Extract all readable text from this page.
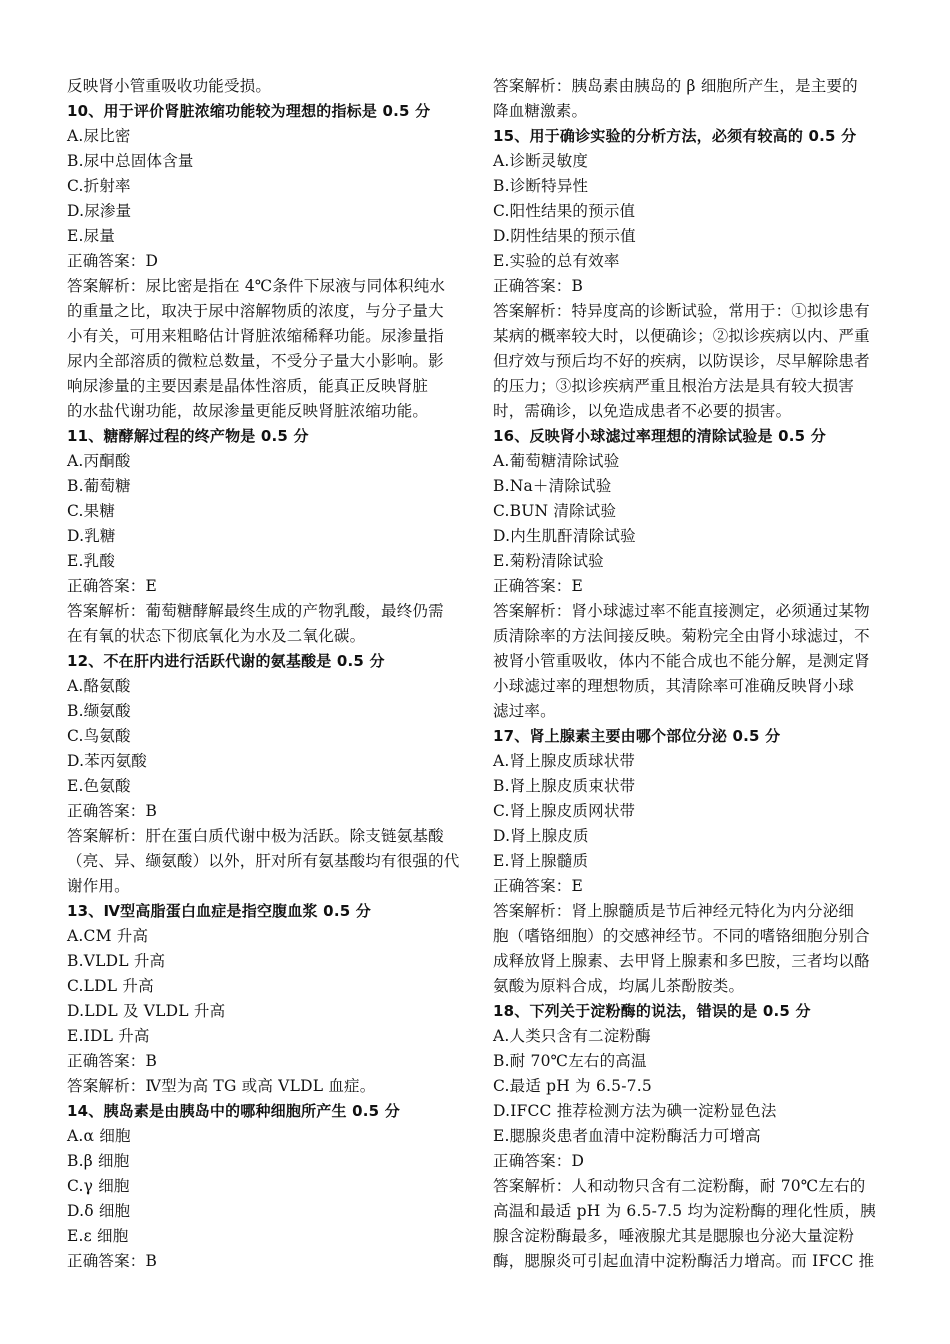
反映肾小管重吸收功能受损。
10、用于评价肾脏浓缩功能较为理想的指标是 0.5 分
A.尿比密
B.尿中总固体含量
C.折射率
D.尿渗量
E.尿量
正确答案：D
答案解析：尿比密是指在 4℃条件下尿液与同体积纯水
的重量之比，取决于尿中溶解物质的浓度，与分子量大
小有关，可用来粗略估计肾脏浓缩稀释功能。尿渗量指
尿内全部溶质的微粒总数量，不受分子量大小影响。影
响尿渗量的主要因素是晶体性溶质，能真正反映肾脏
的水盐代谢功能，故尿渗量更能反映肾脏浓缩功能。
11、糖酵解过程的终产物是 0.5 分
A.丙酮酸
B.葡萄糖
C.果糖
D.乳糖
E.乳酸
正确答案：E
答案解析：葡萄糖酵解最终生成的产物乳酸，最终仍需
在有氧的状态下彻底氧化为水及二氧化碳。
12、不在肝内进行活跃代谢的氨基酸是 0.5 分
A.酪氨酸
B.缬氨酸
C.鸟氨酸
D.苯丙氨酸
E.色氨酸
正确答案：B
答案解析：肝在蛋白质代谢中极为活跃。除支链氨基酸
（亮、异、缬氨酸）以外，肝对所有氨基酸均有很强的代
谢作用。
13、Ⅳ型高脂蛋白血症是指空腹血浆 0.5 分
A.CM 升高
B.VLDL 升高
C.LDL 升高
D.LDL 及 VLDL 升高
E.IDL 升高
正确答案：B
答案解析：Ⅳ型为高 TG 或高 VLDL 血症。
14、胰岛素是由胰岛中的哪种细胞所产生 0.5 分
A.α 细胞
B.β 细胞
C.γ 细胞
D.δ 细胞
E.ε 细胞
正确答案：B
答案解析：胰岛素由胰岛的 β 细胞所产生，是主要的
降血糖激素。
15、用于确诊实验的分析方法，必须有较高的 0.5 分
A.诊断灵敏度
B.诊断特异性
C.阳性结果的预示值
D.阴性结果的预示值
E.实验的总有效率
正确答案：B
答案解析：特异度高的诊断试验，常用于：①拟诊患有
某病的概率较大时，以便确诊；②拟诊疾病以内、严重
但疗效与预后均不好的疾病，以防误诊，尽早解除患者
的压力；③拟诊疾病严重且根治方法是具有较大损害
时，需确诊，以免造成患者不必要的损害。
16、反映肾小球滤过率理想的清除试验是 0.5 分
A.葡萄糖清除试验
B.Na＋清除试验
C.BUN 清除试验
D.内生肌酐清除试验
E.菊粉清除试验
正确答案：E
答案解析：肾小球滤过率不能直接测定，必须通过某物
质清除率的方法间接反映。菊粉完全由肾小球滤过，不
被肾小管重吸收，体内不能合成也不能分解，是测定肾
小球滤过率的理想物质，其清除率可准确反映肾小球
滤过率。
17、肾上腺素主要由哪个部位分泌 0.5 分
A.肾上腺皮质球状带
B.肾上腺皮质束状带
C.肾上腺皮质网状带
D.肾上腺皮质
E.肾上腺髓质
正确答案：E
答案解析：肾上腺髓质是节后神经元特化为内分泌细
胞（嗜铬细胞）的交感神经节。不同的嗜铬细胞分别合
成释放肾上腺素、去甲肾上腺素和多巴胺，三者均以酪
氨酸为原料合成，均属儿茶酚胺类。
18、下列关于淀粉酶的说法，错误的是 0.5 分
A.人类只含有二淀粉酶
B.耐 70℃左右的高温
C.最适 pH 为 6.5-7.5
D.IFCC 推荐检测方法为碘一淀粉显色法
E.腮腺炎患者血清中淀粉酶活力可增高
正确答案：D
答案解析：人和动物只含有二淀粉酶，耐 70℃左右的
高温和最适 pH 为 6.5-7.5 均为淀粉酶的理化性质，胰
腺含淀粉酶最多，唾液腺尤其是腮腺也分泌大量淀粉
酶，腮腺炎可引起血清中淀粉酶活力增高。而 IFCC 推
